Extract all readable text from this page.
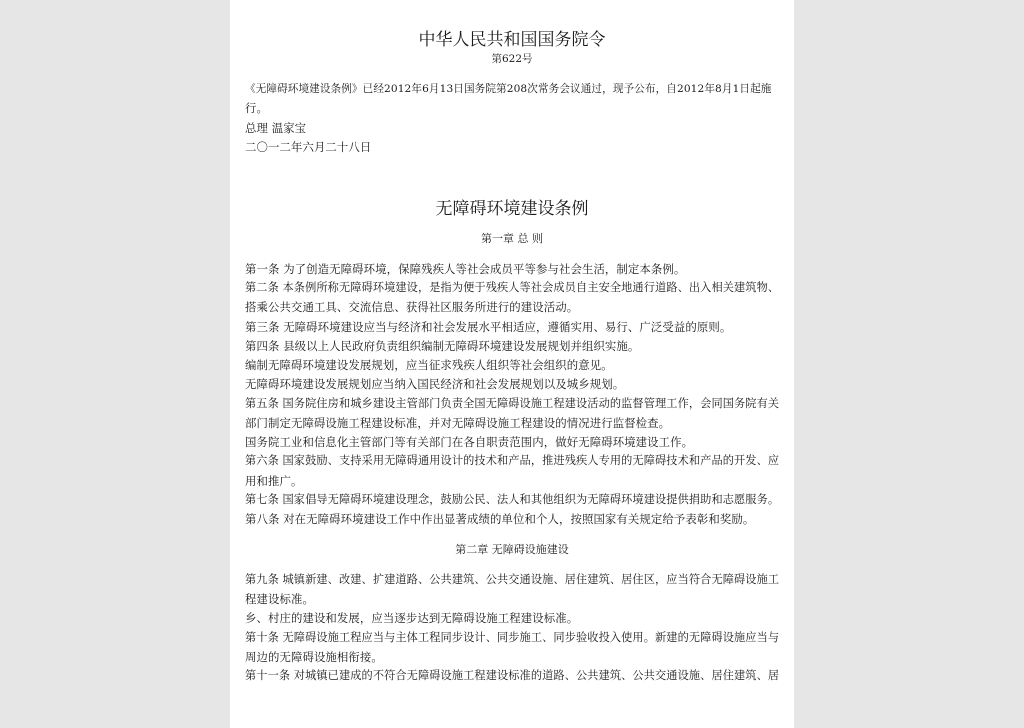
中华人民共和国国务院令
第622号
《无障碍环境建设条例》已经2012年6月13日国务院第208次常务会议通过，现予公布，自2012年8月1日起施
行。
总理 温家宝
二〇一二年六月二十八日
无障碍环境建设条例
第一章 总 则
第一条 为了创造无障碍环境，保障残疾人等社会成员平等参与社会生活，制定本条例。
第二条 本条例所称无障碍环境建设，是指为便于残疾人等社会成员自主安全地通行道路、出入相关建筑物、
搭乘公共交通工具、交流信息、获得社区服务所进行的建设活动。
第三条 无障碍环境建设应当与经济和社会发展水平相适应，遵循实用、易行、广泛受益的原则。
第四条 县级以上人民政府负责组织编制无障碍环境建设发展规划并组织实施。
编制无障碍环境建设发展规划，应当征求残疾人组织等社会组织的意见。
无障碍环境建设发展规划应当纳入国民经济和社会发展规划以及城乡规划。
第五条 国务院住房和城乡建设主管部门负责全国无障碍设施工程建设活动的监督管理工作，会同国务院有关
部门制定无障碍设施工程建设标准，并对无障碍设施工程建设的情况进行监督检查。
国务院工业和信息化主管部门等有关部门在各自职责范围内，做好无障碍环境建设工作。
第六条 国家鼓励、支持采用无障碍通用设计的技术和产品，推进残疾人专用的无障碍技术和产品的开发、应
用和推广。
第七条 国家倡导无障碍环境建设理念，鼓励公民、法人和其他组织为无障碍环境建设提供捐助和志愿服务。
第八条 对在无障碍环境建设工作中作出显著成绩的单位和个人，按照国家有关规定给予表彰和奖励。
第二章 无障碍设施建设
第九条 城镇新建、改建、扩建道路、公共建筑、公共交通设施、居住建筑、居住区，应当符合无障碍设施工
程建设标准。
乡、村庄的建设和发展，应当逐步达到无障碍设施工程建设标准。
第十条 无障碍设施工程应当与主体工程同步设计、同步施工、同步验收投入使用。新建的无障碍设施应当与
周边的无障碍设施相衔接。
第十一条 对城镇已建成的不符合无障碍设施工程建设标准的道路、公共建筑、公共交通设施、居住建筑、居
